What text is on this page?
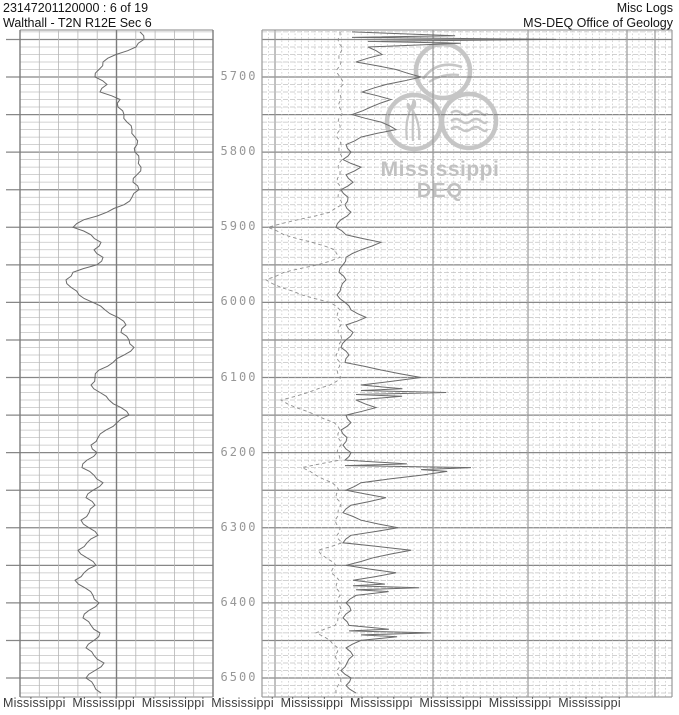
23147201120000 : 6 of 19
Walthall - T2N R12E Sec 6
Misc Logs
MS-DEQ Office of Geology
Mississippi
DEQ
5700
5800
5900
6000
6100
6200
6300
6400
6500
Mississippi Mississippi Mississippi Mississippi Mississippi Mississippi Mississippi Mississippi Mississippi
